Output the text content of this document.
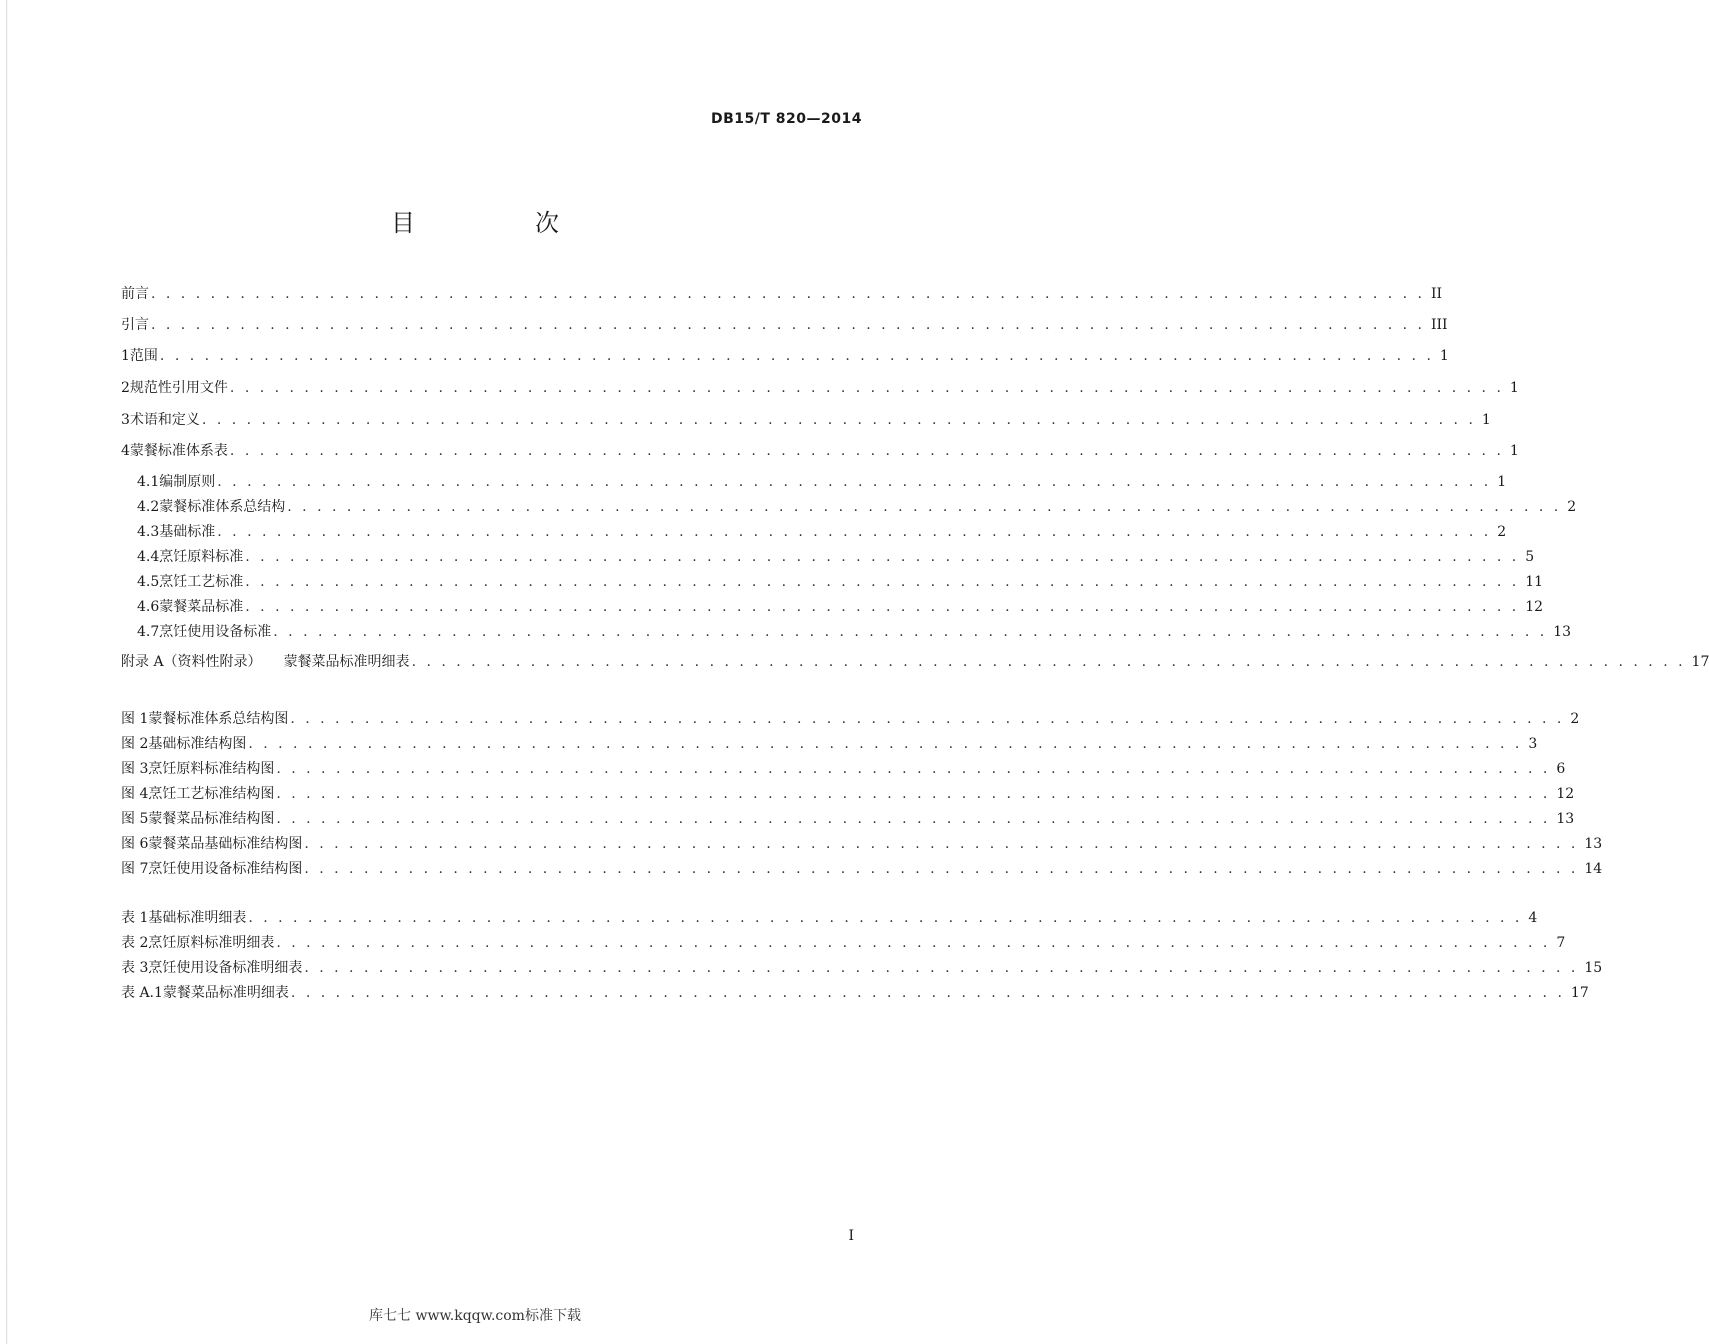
DB15/T 820—2014
目　次
前言 . . . . . . . . . . . . . . . . . . . . . . . . . . . . . . . . . . . . . . . . . . . . . . . . . . . . . . . . . . . . . . . . . . . . . . . . . . . . . . . . . . . . . . II
引言 . . . . . . . . . . . . . . . . . . . . . . . . . . . . . . . . . . . . . . . . . . . . . . . . . . . . . . . . . . . . . . . . . . . . . . . . . . . . . . . . . . . . . . III
1 范围 . . . . . . . . . . . . . . . . . . . . . . . . . . . . . . . . . . . . . . . . . . . . . . . . . . . . . . . . . . . . . . . . . . . . . . . . . . . . . . . . . . . . . . 1
2 规范性引用文件 . . . . . . . . . . . . . . . . . . . . . . . . . . . . . . . . . . . . . . . . . . . . . . . . . . . . . . . . . . . . . . . . . . . . . . . . . . . . . . . . . . . . . . 1
3 术语和定义 . . . . . . . . . . . . . . . . . . . . . . . . . . . . . . . . . . . . . . . . . . . . . . . . . . . . . . . . . . . . . . . . . . . . . . . . . . . . . . . . . . . . . . 1
4 蒙餐标准体系表 . . . . . . . . . . . . . . . . . . . . . . . . . . . . . . . . . . . . . . . . . . . . . . . . . . . . . . . . . . . . . . . . . . . . . . . . . . . . . . . . . . . . . . 1
4.1 编制原则 . . . . . . . . . . . . . . . . . . . . . . . . . . . . . . . . . . . . . . . . . . . . . . . . . . . . . . . . . . . . . . . . . . . . . . . . . . . . . . . . . . . . . . 1
4.2 蒙餐标准体系总结构 . . . . . . . . . . . . . . . . . . . . . . . . . . . . . . . . . . . . . . . . . . . . . . . . . . . . . . . . . . . . . . . . . . . . . . . . . . . . . . . . . . . . . . 2
4.3 基础标准 . . . . . . . . . . . . . . . . . . . . . . . . . . . . . . . . . . . . . . . . . . . . . . . . . . . . . . . . . . . . . . . . . . . . . . . . . . . . . . . . . . . . . . 2
4.4 烹饪原料标准 . . . . . . . . . . . . . . . . . . . . . . . . . . . . . . . . . . . . . . . . . . . . . . . . . . . . . . . . . . . . . . . . . . . . . . . . . . . . . . . . . . . . . . 5
4.5 烹饪工艺标准 . . . . . . . . . . . . . . . . . . . . . . . . . . . . . . . . . . . . . . . . . . . . . . . . . . . . . . . . . . . . . . . . . . . . . . . . . . . . . . . . . . . . . . 11
4.6 蒙餐菜品标准 . . . . . . . . . . . . . . . . . . . . . . . . . . . . . . . . . . . . . . . . . . . . . . . . . . . . . . . . . . . . . . . . . . . . . . . . . . . . . . . . . . . . . . 12
4.7 烹饪使用设备标准 . . . . . . . . . . . . . . . . . . . . . . . . . . . . . . . . . . . . . . . . . . . . . . . . . . . . . . . . . . . . . . . . . . . . . . . . . . . . . . . . . . . . . . 13
附录 A（资料性附录） 蒙餐菜品标准明细表 . . . . . . . . . . . . . . . . . . . . . . . . . . . . . . . . . . . . . . . . . . . . . . . . . . . . . . . . . . . . . . . . . . . . . . . . . . . . . . . . . . . . . . 17
图 1 蒙餐标准体系总结构图 . . . . . . . . . . . . . . . . . . . . . . . . . . . . . . . . . . . . . . . . . . . . . . . . . . . . . . . . . . . . . . . . . . . . . . . . . . . . . . . . . . . . . . 2
图 2 基础标准结构图 . . . . . . . . . . . . . . . . . . . . . . . . . . . . . . . . . . . . . . . . . . . . . . . . . . . . . . . . . . . . . . . . . . . . . . . . . . . . . . . . . . . . . . 3
图 3 烹饪原料标准结构图 . . . . . . . . . . . . . . . . . . . . . . . . . . . . . . . . . . . . . . . . . . . . . . . . . . . . . . . . . . . . . . . . . . . . . . . . . . . . . . . . . . . . . . 6
图 4 烹饪工艺标准结构图 . . . . . . . . . . . . . . . . . . . . . . . . . . . . . . . . . . . . . . . . . . . . . . . . . . . . . . . . . . . . . . . . . . . . . . . . . . . . . . . . . . . . . . 12
图 5 蒙餐菜品标准结构图 . . . . . . . . . . . . . . . . . . . . . . . . . . . . . . . . . . . . . . . . . . . . . . . . . . . . . . . . . . . . . . . . . . . . . . . . . . . . . . . . . . . . . . 13
图 6 蒙餐菜品基础标准结构图 . . . . . . . . . . . . . . . . . . . . . . . . . . . . . . . . . . . . . . . . . . . . . . . . . . . . . . . . . . . . . . . . . . . . . . . . . . . . . . . . . . . . . . 13
图 7 烹饪使用设备标准结构图 . . . . . . . . . . . . . . . . . . . . . . . . . . . . . . . . . . . . . . . . . . . . . . . . . . . . . . . . . . . . . . . . . . . . . . . . . . . . . . . . . . . . . . 14
表 1 基础标准明细表 . . . . . . . . . . . . . . . . . . . . . . . . . . . . . . . . . . . . . . . . . . . . . . . . . . . . . . . . . . . . . . . . . . . . . . . . . . . . . . . . . . . . . . 4
表 2 烹饪原料标准明细表 . . . . . . . . . . . . . . . . . . . . . . . . . . . . . . . . . . . . . . . . . . . . . . . . . . . . . . . . . . . . . . . . . . . . . . . . . . . . . . . . . . . . . . 7
表 3 烹饪使用设备标准明细表 . . . . . . . . . . . . . . . . . . . . . . . . . . . . . . . . . . . . . . . . . . . . . . . . . . . . . . . . . . . . . . . . . . . . . . . . . . . . . . . . . . . . . . 15
表 A.1 蒙餐菜品标准明细表 . . . . . . . . . . . . . . . . . . . . . . . . . . . . . . . . . . . . . . . . . . . . . . . . . . . . . . . . . . . . . . . . . . . . . . . . . . . . . . . . . . . . . . 17
I
库七七 www.kqqw.com标准下载
